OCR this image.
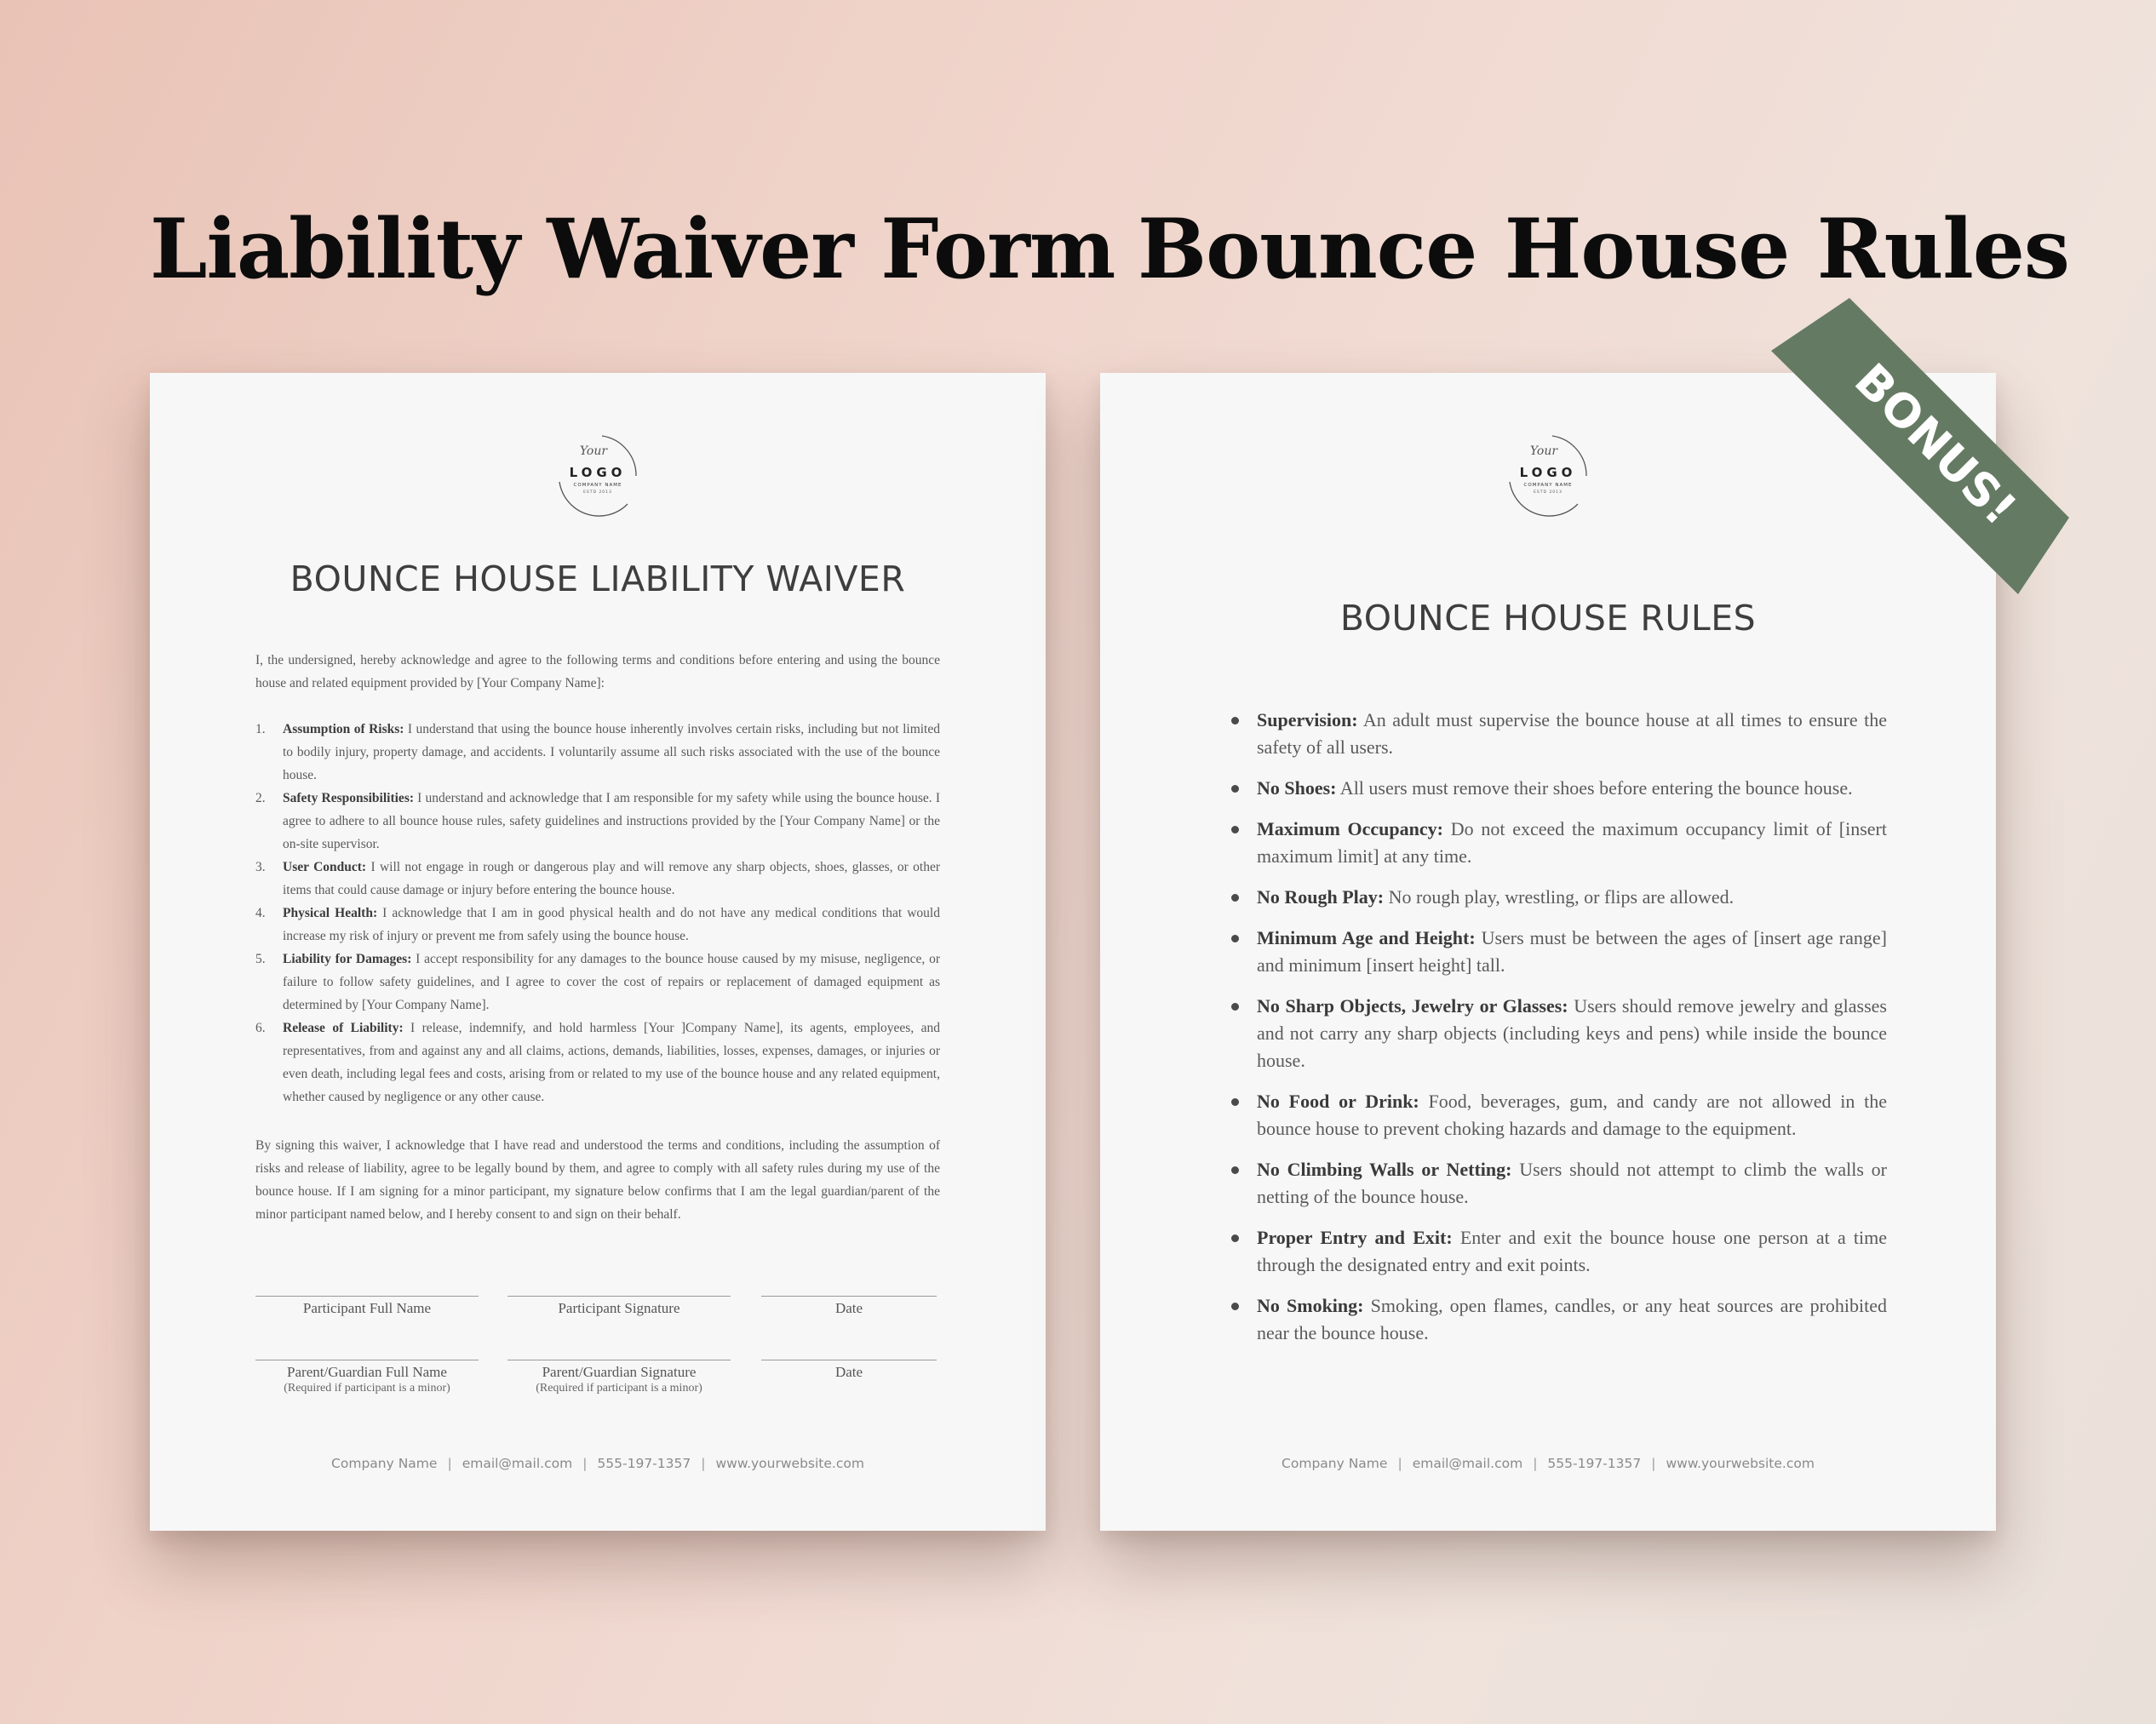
Liability Waiver Form Bounce House Rules
Your
LOGO
COMPANY NAME
ESTD 2013
BOUNCE HOUSE LIABILITY WAIVER

I, the undersigned, hereby acknowledge and agree to the following terms and conditions before entering and using the bounce house and related equipment provided by [Your Company Name]:

1. Assumption of Risks: I understand that using the bounce house inherently involves certain risks, including but not limited to bodily injury, property damage, and accidents. I voluntarily assume all such risks associated with the use of the bounce house.
2. Safety Responsibilities: I understand and acknowledge that I am responsible for my safety while using the bounce house. I agree to adhere to all bounce house rules, safety guidelines and instructions provided by the [Your Company Name] or the on-site supervisor.
3. User Conduct: I will not engage in rough or dangerous play and will remove any sharp objects, shoes, glasses, or other items that could cause damage or injury before entering the bounce house.
4. Physical Health: I acknowledge that I am in good physical health and do not have any medical conditions that would increase my risk of injury or prevent me from safely using the bounce house.
5. Liability for Damages: I accept responsibility for any damages to the bounce house caused by my misuse, negligence, or failure to follow safety guidelines, and I agree to cover the cost of repairs or replacement of damaged equipment as determined by [Your Company Name].
6. Release of Liability: I release, indemnify, and hold harmless [Your ]Company Name], its agents, employees, and representatives, from and against any and all claims, actions, demands, liabilities, losses, expenses, damages, or injuries or even death, including legal fees and costs, arising from or related to my use of the bounce house and any related equipment, whether caused by negligence or any other cause.

By signing this waiver, I acknowledge that I have read and understood the terms and conditions, including the assumption of risks and release of liability, agree to be legally bound by them, and agree to comply with all safety rules during my use of the bounce house. If I am signing for a minor participant, my signature below confirms that I am the legal guardian/parent of the minor participant named below, and I hereby consent to and sign on their behalf.

Participant Full Name	Participant Signature	Date
Parent/Guardian Full Name
(Required if participant is a minor)
Parent/Guardian Signature
(Required if participant is a minor)
Date
Company Name | email@mail.com | 555-197-1357 | www.yourwebsite.com
Your
LOGO
COMPANY NAME
ESTD 2013
BOUNCE HOUSE RULES
Supervision: An adult must supervise the bounce house at all times to ensure the safety of all users.
No Shoes: All users must remove their shoes before entering the bounce house.
Maximum Occupancy: Do not exceed the maximum occupancy limit of [insert maximum limit] at any time.
No Rough Play: No rough play, wrestling, or flips are allowed.
Minimum Age and Height: Users must be between the ages of [insert age range] and minimum [insert height] tall.
No Sharp Objects, Jewelry or Glasses: Users should remove jewelry and glasses and not carry any sharp objects (including keys and pens) while inside the bounce house.
No Food or Drink: Food, beverages, gum, and candy are not allowed in the bounce house to prevent choking hazards and damage to the equipment.
No Climbing Walls or Netting: Users should not attempt to climb the walls or netting of the bounce house.
Proper Entry and Exit: Enter and exit the bounce house one person at a time through the designated entry and exit points.
No Smoking: Smoking, open flames, candles, or any heat sources are prohibited near the bounce house.
Company Name | email@mail.com | 555-197-1357 | www.yourwebsite.com
BONUS!
